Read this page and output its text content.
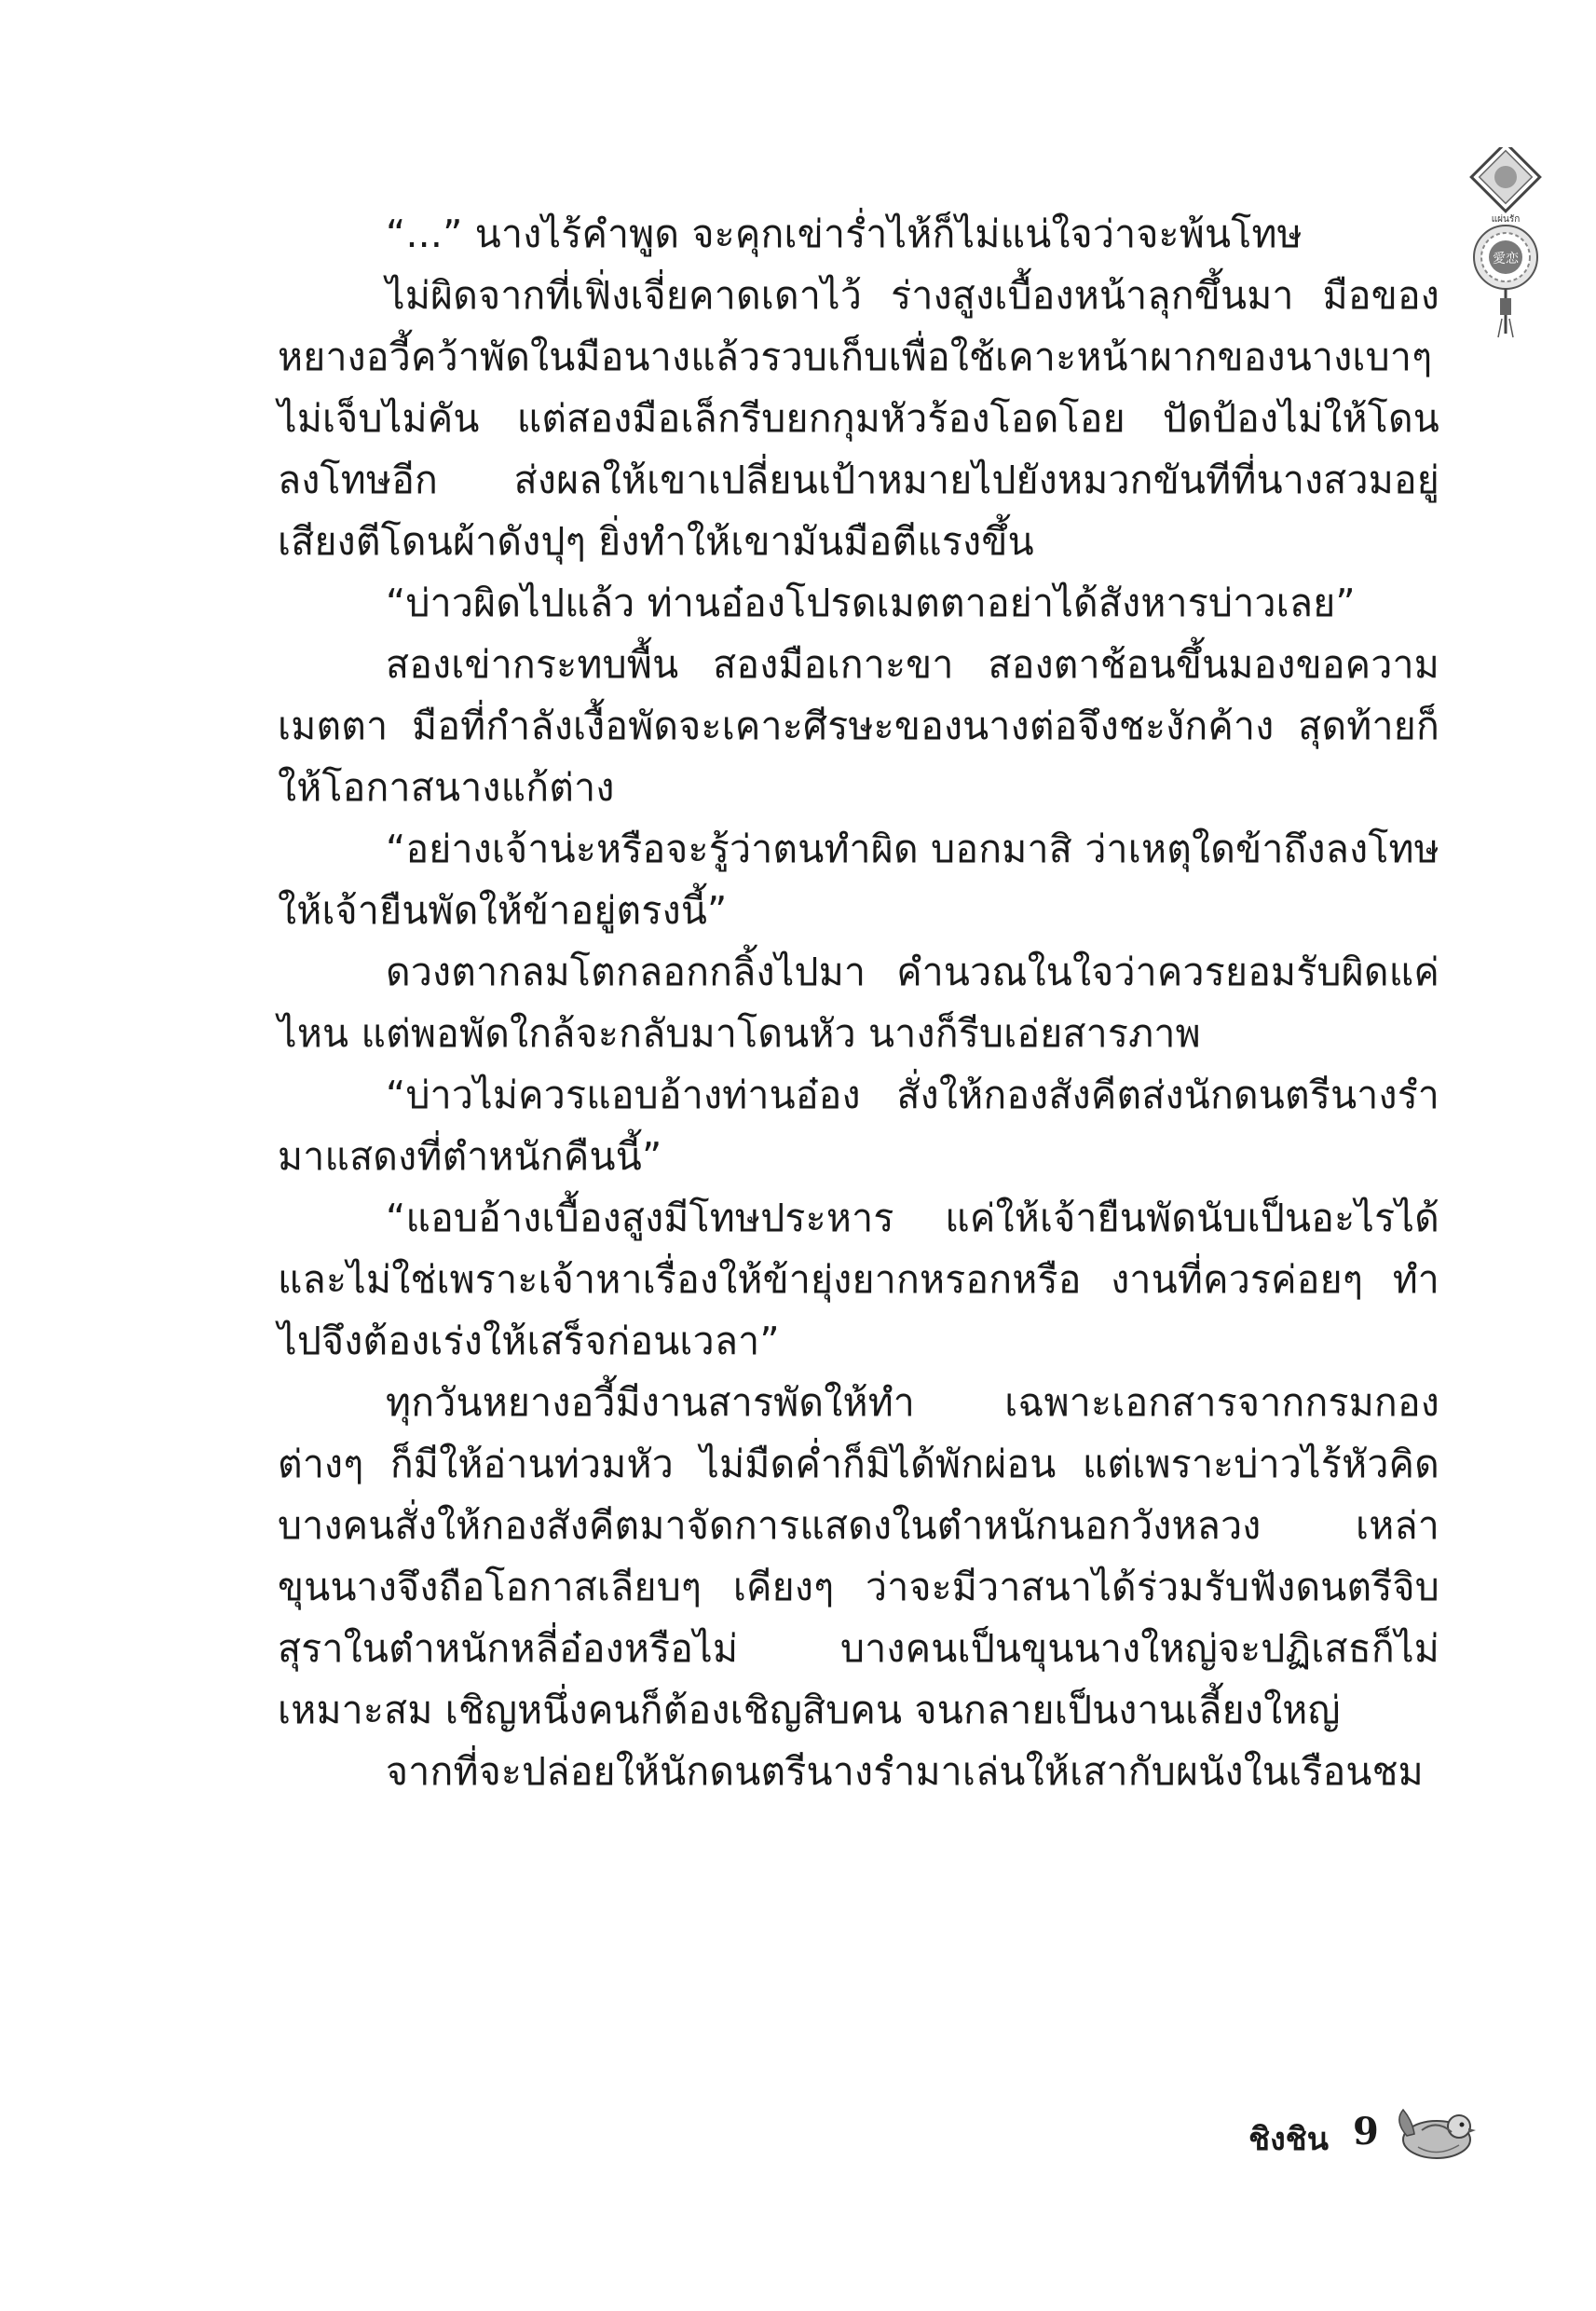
แผ่นรัก
愛恋

“...” นางไร้คำพูด จะคุกเข่าร่ำไห้ก็ไม่แน่ใจว่าจะพ้นโทษ

ไม่ผิดจากที่เฟิ่งเจี่ยคาดเดาไว้ ร่างสูงเบื้องหน้าลุกขึ้นมา มือของหยางอวี้คว้าพัดในมือนางแล้วรวบเก็บเพื่อใช้เคาะหน้าผากของนางเบาๆ ไม่เจ็บไม่คัน แต่สองมือเล็กรีบยกกุมหัวร้องโอดโอย ปัดป้องไม่ให้โดนลงโทษอีก ส่งผลให้เขาเปลี่ยนเป้าหมายไปยังหมวกขันทีที่นางสวมอยู่ เสียงตีโดนผ้าดังปุๆ ยิ่งทำให้เขามันมือตีแรงขึ้น

“บ่าวผิดไปแล้ว ท่านอ๋องโปรดเมตตาอย่าได้สังหารบ่าวเลย”

สองเข่ากระทบพื้น สองมือเกาะขา สองตาช้อนขึ้นมองขอความเมตตา มือที่กำลังเงื้อพัดจะเคาะศีรษะของนางต่อจึงชะงักค้าง สุดท้ายก็ให้โอกาสนางแก้ต่าง

“อย่างเจ้าน่ะหรือจะรู้ว่าตนทำผิด บอกมาสิ ว่าเหตุใดข้าถึงลงโทษให้เจ้ายืนพัดให้ข้าอยู่ตรงนี้”

ดวงตากลมโตกลอกกลิ้งไปมา คำนวณในใจว่าควรยอมรับผิดแค่ไหน แต่พอพัดใกล้จะกลับมาโดนหัว นางก็รีบเอ่ยสารภาพ

“บ่าวไม่ควรแอบอ้างท่านอ๋อง สั่งให้กองสังคีตส่งนักดนตรีนางรำมาแสดงที่ตำหนักคืนนี้”

“แอบอ้างเบื้องสูงมีโทษประหาร แค่ให้เจ้ายืนพัดนับเป็นอะไรได้ และไม่ใช่เพราะเจ้าหาเรื่องให้ข้ายุ่งยากหรอกหรือ งานที่ควรค่อยๆ ทำไปจึงต้องเร่งให้เสร็จก่อนเวลา”

ทุกวันหยางอวี้มีงานสารพัดให้ทำ เฉพาะเอกสารจากกรมกองต่างๆ ก็มีให้อ่านท่วมหัว ไม่มืดค่ำก็มิได้พักผ่อน แต่เพราะบ่าวไร้หัวคิดบางคนสั่งให้กองสังคีตมาจัดการแสดงในตำหนักนอกวังหลวง เหล่าขุนนางจึงถือโอกาสเลียบๆ เคียงๆ ว่าจะมีวาสนาได้ร่วมรับฟังดนตรีจิบสุราในตำหนักหลี่อ๋องหรือไม่ บางคนเป็นขุนนางใหญ่จะปฏิเสธก็ไม่เหมาะสม เชิญหนึ่งคนก็ต้องเชิญสิบคน จนกลายเป็นงานเลี้ยงใหญ่

จากที่จะปล่อยให้นักดนตรีนางรำมาเล่นให้เสากับผนังในเรือนชม

ชิงชิน 9
